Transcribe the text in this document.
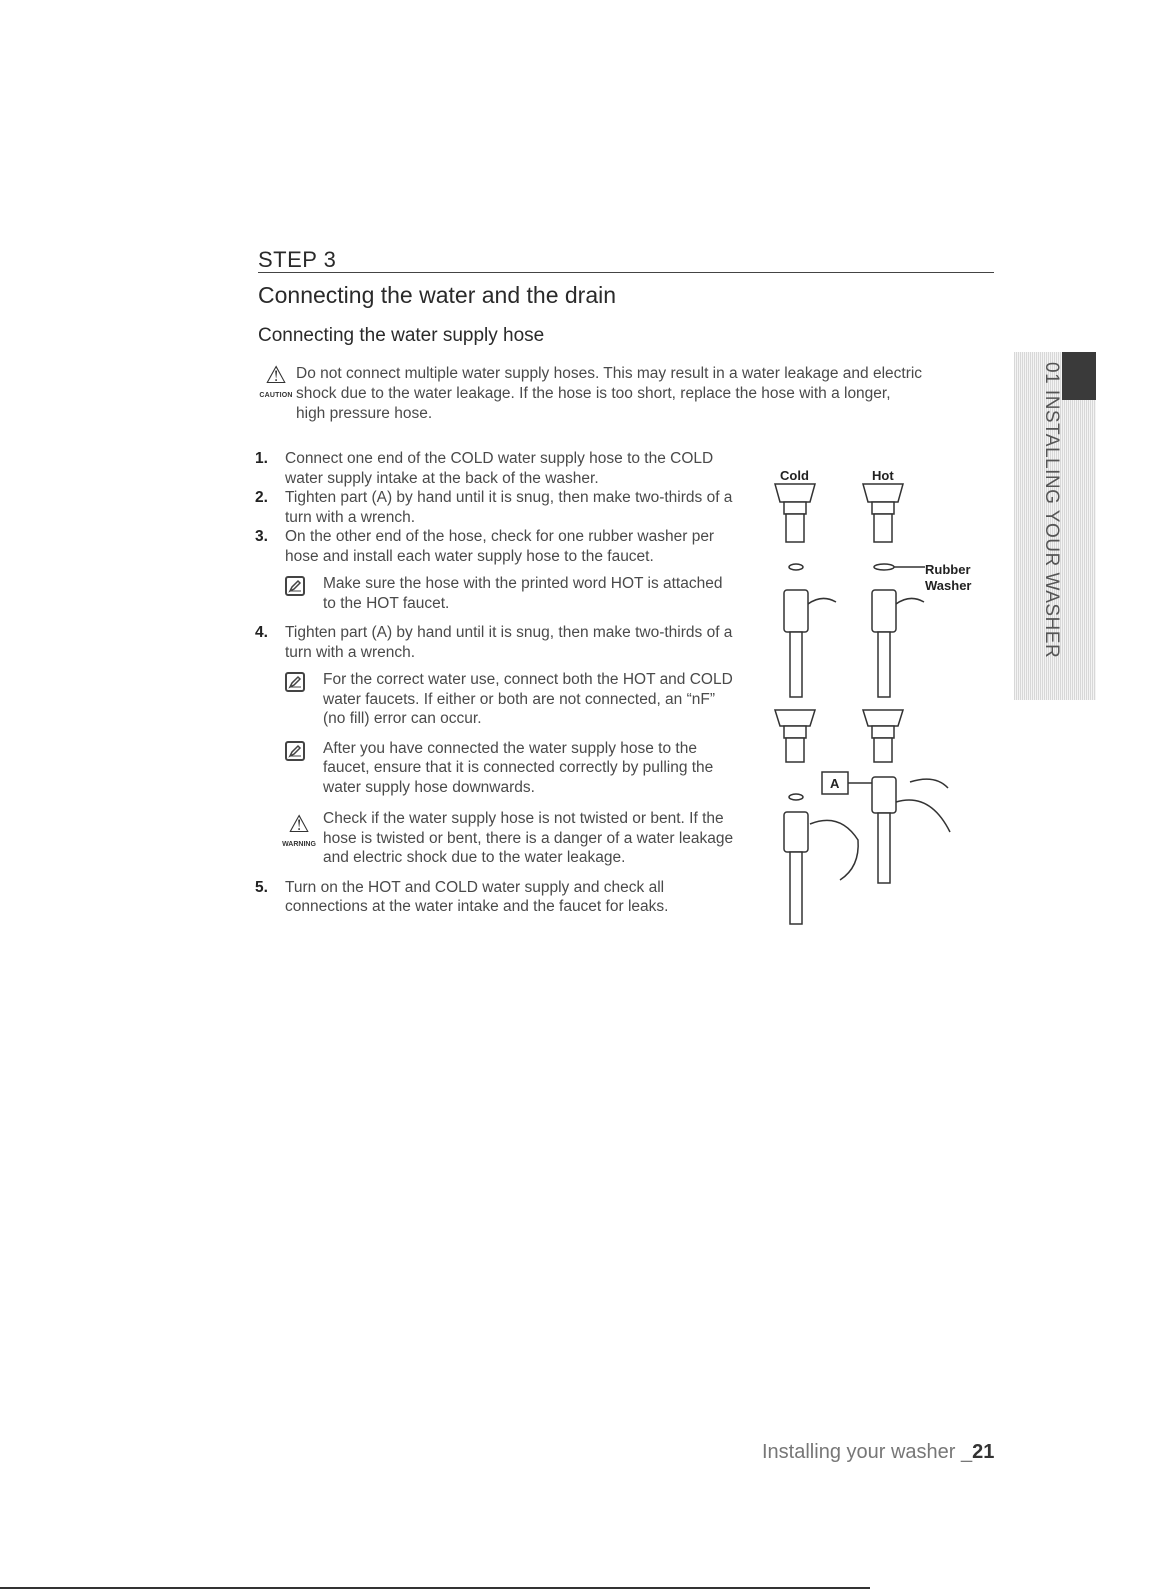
STEP 3
Connecting the water and the drain
Connecting the water supply hose
⚠
CAUTION
Do not connect multiple water supply hoses. This may result in a water leakage and electric
shock due to the water leakage. If the hose is too short, replace the hose with a longer,
high pressure hose.
1. Connect one end of the COLD water supply hose to the COLD water supply intake at the back of the washer.
2. Tighten part (A) by hand until it is snug, then make two-thirds of a turn with a wrench.
3. On the other end of the hose, check for one rubber washer per hose and install each water supply hose to the faucet.
Make sure the hose with the printed word HOT is attached to the HOT faucet.
4. Tighten part (A) by hand until it is snug, then make two-thirds of a turn with a wrench.
For the correct water use, connect both the HOT and COLD water faucets. If either or both are not connected, an “nF” (no fill) error can occur.
After you have connected the water supply hose to the faucet, ensure that it is connected correctly by pulling the water supply hose downwards.
⚠
WARNING
Check if the water supply hose is not twisted or bent. If the hose is twisted or bent, there is a danger of a water leakage and electric shock due to the water leakage.
5. Turn on the HOT and COLD water supply and check all connections at the water intake and the faucet for leaks.
Cold	Hot
Rubber
Washer
A
01 INSTALLING YOUR WASHER
Installing your washer _21
